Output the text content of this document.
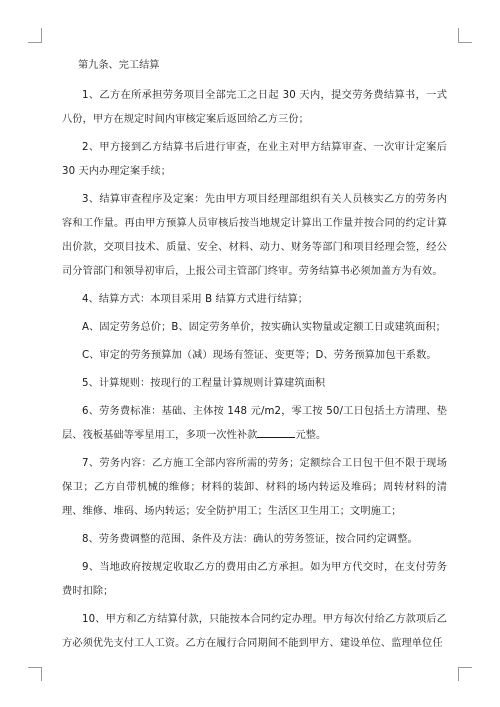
第九条、完工结算

1、乙方在所承担劳务项目全部完工之日起 30 天内，提交劳务费结算书，一式八份，甲方在规定时间内审核定案后返回给乙方三份；

2、甲方接到乙方结算书后进行审查，在业主对甲方结算审查、一次审计定案后 30 天内办理定案手续；

3、结算审查程序及定案：先由甲方项目经理部组织有关人员核实乙方的劳务内容和工作量。再由甲方预算人员审核后按当地规定计算出工作量并按合同的约定计算出价款，交项目技术、质量、安全、材料、动力、财务等部门和项目经理会签，经公司分管部门和领导初审后，上报公司主管部门终审。劳务结算书必须加盖方为有效。

4、结算方式：本项目采用 B 结算方式进行结算；

A、固定劳务总价；B、固定劳务单价，按实确认实物量或定额工日或建筑面积；

C、审定的劳务预算加（减）现场有签证、变更等；D、劳务预算加包干系数。

5、计算规则：按现行的工程量计算规则计算建筑面积

6、劳务费标准：基础、主体按 148 元/m2，零工按 50/工日包括土方清理、垫层、筏板基础等零星用工，多项一次性补款	元整。

7、劳务内容：乙方施工全部内容所需的劳务；定额综合工日包干但不限于现场保卫；乙方自带机械的维修；材料的装卸、材料的场内转运及堆码；周转材料的清理、维修、堆码、场内转运；安全防护用工；生活区卫生用工；文明施工；

8、劳务费调整的范围、条件及方法：确认的劳务签证，按合同约定调整。

9、当地政府按规定收取乙方的费用由乙方承担。如为甲方代交时，在支付劳务费时扣除；

10、甲方和乙方结算付款，只能按本合同约定办理。甲方每次付给乙方款项后乙方必须优先支付工人工资。乙方在履行合同期间不能到甲方、建设单位、监理单位任
